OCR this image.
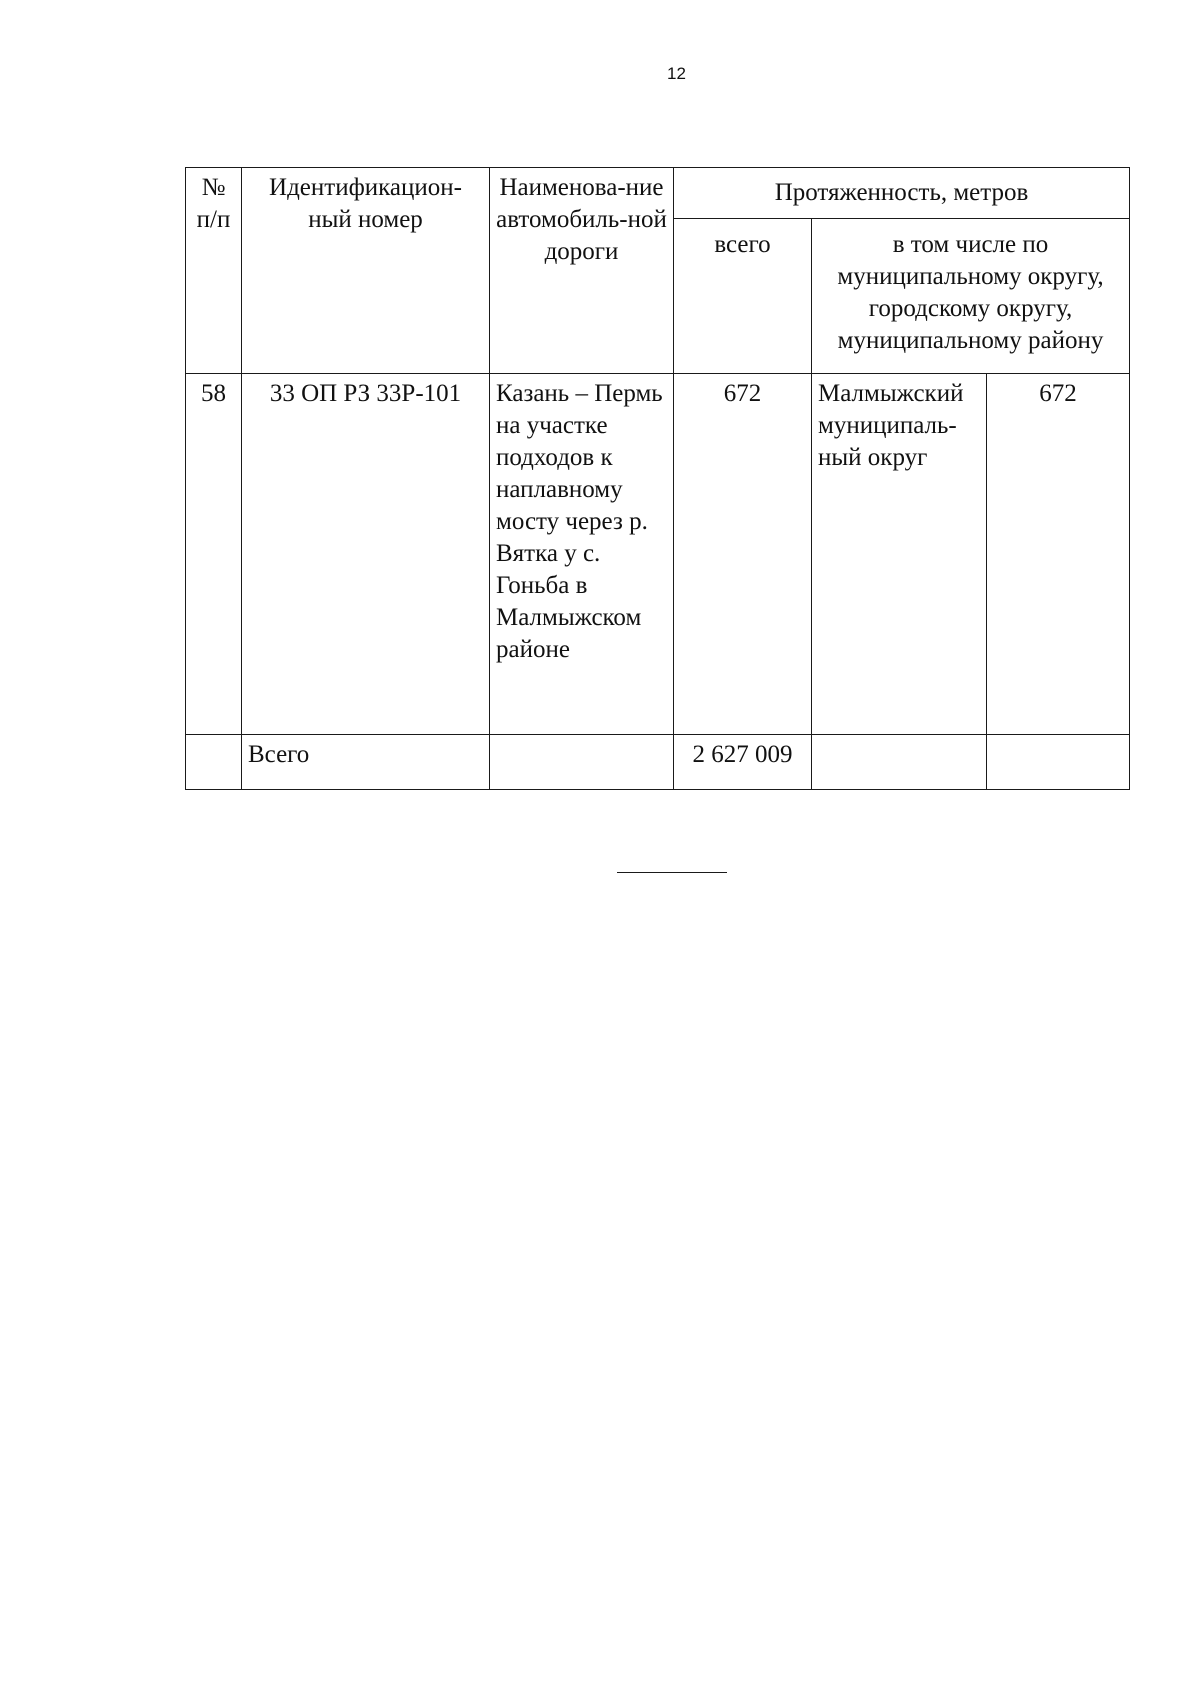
12
№ п/п	Идентификацион-ный номер	Наименова-ние автомобиль-ной дороги	Протяженность, метров		
			всего	в том числе по муниципальному округу, городскому округу, муниципальному району	
58	33 ОП РЗ 33Р-101	Казань – Пермь на участке подходов к наплавному мосту через р. Вятка у с. Гоньба в Малмыжском районе	672	Малмыжский муниципаль-ный округ	672
	Всего		2 627 009		
